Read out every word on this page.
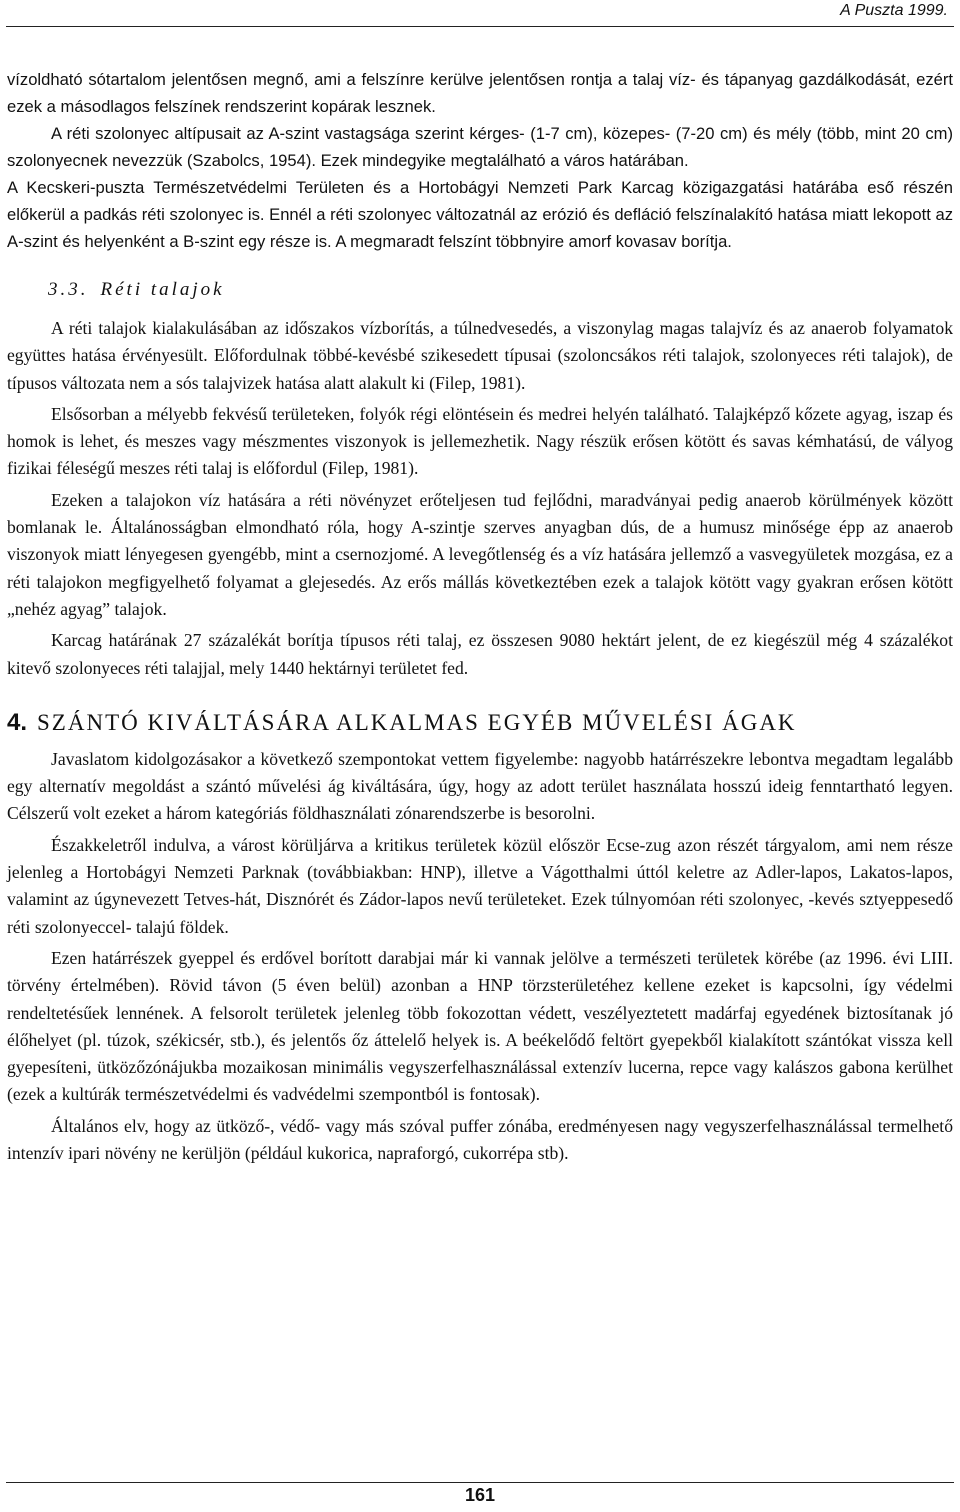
A Puszta 1999.

vízoldható sótartalom jelentősen megnő, ami a felszínre kerülve jelentősen rontja a talaj víz- és tápanyag gazdálkodását, ezért ezek a másodlagos felszínek rendszerint kopárak lesznek.

A réti szolonyec altípusait az A-szint vastagsága szerint kérges- (1-7 cm), közepes- (7-20 cm) és mély (több, mint 20 cm) szolonyecnek nevezzük (Szabolcs, 1954). Ezek mindegyike megtalálható a város határában.

A Kecskeri-puszta Természetvédelmi Területen és a Hortobágyi Nemzeti Park Karcag közigazgatási határába eső részén előkerül a padkás réti szolonyec is. Ennél a réti szolonyec változatnál az erózió és defláció felszínalakító hatása miatt lekopott az A-szint és helyenként a B-szint egy része is. A megmaradt felszínt többnyire amorf kovasav borítja.

3.3. Réti talajok

A réti talajok kialakulásában az időszakos vízborítás, a túlnedvesedés, a viszonylag magas talajvíz és az anaerob folyamatok együttes hatása érvényesült. Előfordulnak többé-kevésbé szikesedett típusai (szoloncsákos réti talajok, szolonyeces réti talajok), de típusos változata nem a sós talajvizek hatása alatt alakult ki (Filep, 1981).

Elsősorban a mélyebb fekvésű területeken, folyók régi elöntésein és medrei helyén található. Talajképző kőzete agyag, iszap és homok is lehet, és meszes vagy mészmentes viszonyok is jellemezhetik. Nagy részük erősen kötött és savas kémhatású, de vályog fizikai féleségű meszes réti talaj is előfordul (Filep, 1981).

Ezeken a talajokon víz hatására a réti növényzet erőteljesen tud fejlődni, maradványai pedig anaerob körülmények között bomlanak le. Általánosságban elmondható róla, hogy A-szintje szerves anyagban dús, de a humusz minősége épp az anaerob viszonyok miatt lényegesen gyengébb, mint a csernozjomé. A levegőtlenség és a víz hatására jellemző a vasvegyületek mozgása, ez a réti talajokon megfigyelhető folyamat a glejesedés. Az erős mállás következtében ezek a talajok kötött vagy gyakran erősen kötött „nehéz agyag” talajok.

Karcag határának 27 százalékát borítja típusos réti talaj, ez összesen 9080 hektárt jelent, de ez kiegészül még 4 százalékot kitevő szolonyeces réti talajjal, mely 1440 hektárnyi területet fed.

4. SZÁNTÓ KIVÁLTÁSÁRA ALKALMAS EGYÉB MŰVELÉSI ÁGAK

Javaslatom kidolgozásakor a következő szempontokat vettem figyelembe: nagyobb határrészekre lebontva megadtam legalább egy alternatív megoldást a szántó művelési ág kiváltására, úgy, hogy az adott terület használata hosszú ideig fenntartható legyen. Célszerű volt ezeket a három kategóriás földhasználati zónarendszerbe is besorolni.

Északkeletről indulva, a várost körüljárva a kritikus területek közül először Ecse-zug azon részét tárgyalom, ami nem része jelenleg a Hortobágyi Nemzeti Parknak (továbbiakban: HNP), illetve a Vágotthalmi úttól keletre az Adler-lapos, Lakatos-lapos, valamint az úgynevezett Tetves-hát, Disznórét és Zádor-lapos nevű területeket. Ezek túlnyomóan réti szolonyec, -kevés sztyeppesedő réti szolonyeccel- talajú földek.

Ezen határrészek gyeppel és erdővel borított darabjai már ki vannak jelölve a természeti területek körébe (az 1996. évi LIII. törvény értelmében). Rövid távon (5 éven belül) azonban a HNP törzsterületéhez kellene ezeket is kapcsolni, így védelmi rendeltetésűek lennének. A felsorolt területek jelenleg több fokozottan védett, veszélyeztetett madárfaj egyedének biztosítanak jó élőhelyet (pl. túzok, székicsér, stb.), és jelentős őz áttelelő helyek is. A beékelődő feltört gyepekből kialakított szántókat vissza kell gyepesíteni, ütközőzónájukba mozaikosan minimális vegyszerfelhasználással extenzív lucerna, repce vagy kalászos gabona kerülhet (ezek a kultúrák természetvédelmi és vadvédelmi szempontból is fontosak).

Általános elv, hogy az ütköző-, védő- vagy más szóval puffer zónába, eredményesen nagy vegyszerfelhasználással termelhető intenzív ipari növény ne kerüljön (például kukorica, napraforgó, cukorrépa stb).

161
